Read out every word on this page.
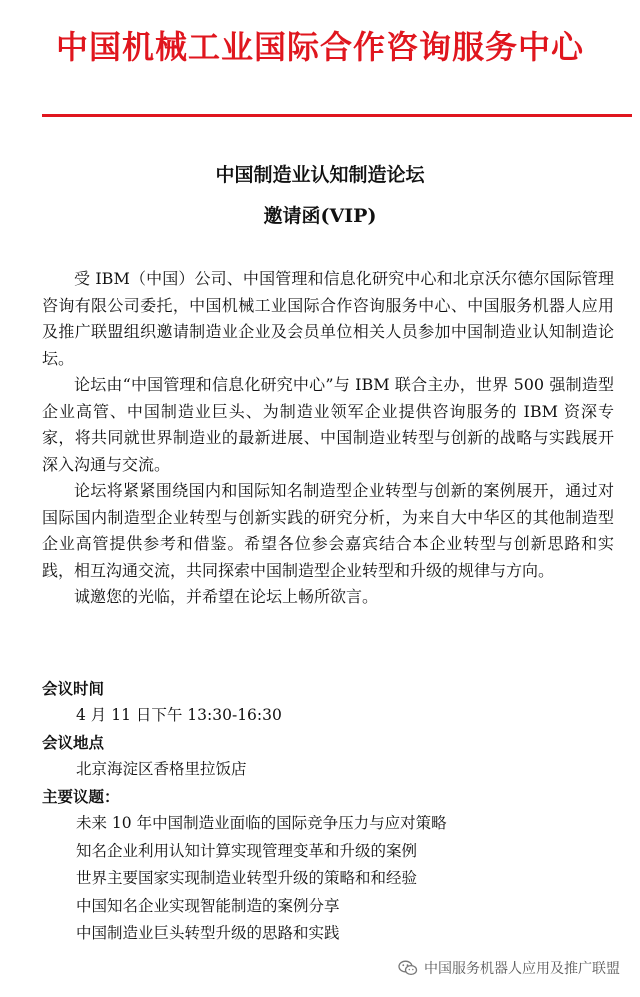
中国机械工业国际合作咨询服务中心
中国制造业认知制造论坛
邀请函(VIP)

受 IBM（中国）公司、中国管理和信息化研究中心和北京沃尔德尔国际管理咨询有限公司委托，中国机械工业国际合作咨询服务中心、中国服务机器人应用及推广联盟组织邀请制造业企业及会员单位相关人员参加中国制造业认知制造论坛。

论坛由“中国管理和信息化研究中心”与 IBM 联合主办，世界 500 强制造型企业高管、中国制造业巨头、为制造业领军企业提供咨询服务的 IBM 资深专家，将共同就世界制造业的最新进展、中国制造业转型与创新的战略与实践展开深入沟通与交流。

论坛将紧紧围绕国内和国际知名制造型企业转型与创新的案例展开，通过对国际国内制造型企业转型与创新实践的研究分析，为来自大中华区的其他制造型企业高管提供参考和借鉴。希望各位参会嘉宾结合本企业转型与创新思路和实践，相互沟通交流，共同探索中国制造型企业转型和升级的规律与方向。

诚邀您的光临，并希望在论坛上畅所欲言。

会议时间
4 月 11 日下午 13:30-16:30
会议地点
北京海淀区香格里拉饭店
主要议题：
未来 10 年中国制造业面临的国际竞争压力与应对策略
知名企业利用认知计算实现管理变革和升级的案例
世界主要国家实现制造业转型升级的策略和和经验
中国知名企业实现智能制造的案例分享
中国制造业巨头转型升级的思路和实践
中国服务机器人应用及推广联盟
